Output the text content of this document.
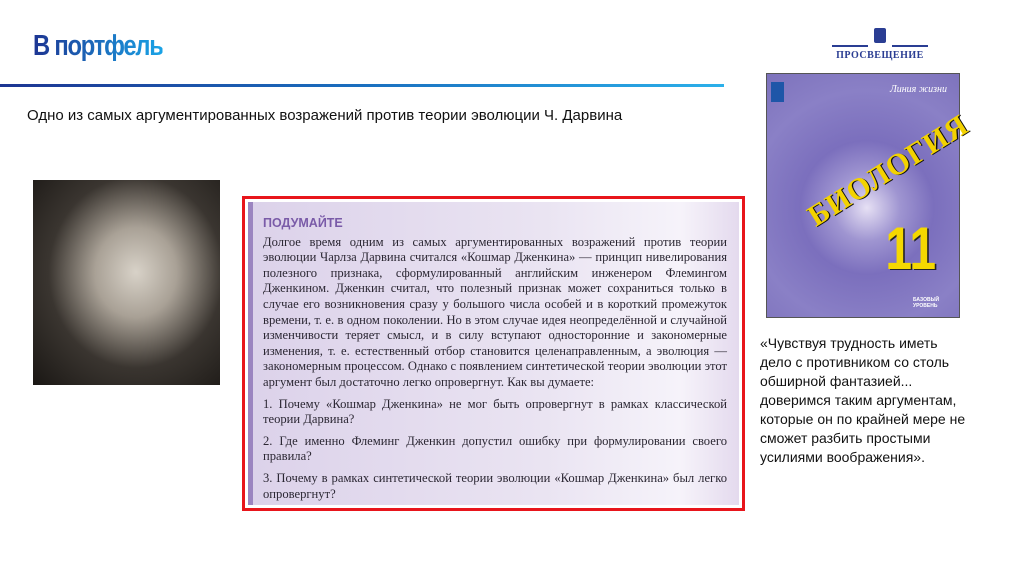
В портфель	ПРОСВЕЩЕНИЕ
Одно из самых аргументированных возражений против теории эволюции Ч. Дарвина
ПОДУМАЙТЕ

Долгое время одним из самых аргументированных возражений против теории эволюции Чарлза Дарвина считался «Кошмар Дженкина» — принцип нивелирования полезного признака, сформулированный английским инженером Флемингом Дженкином. Дженкин считал, что полезный признак может сохраниться только в случае его возникновения сразу у большого числа особей и в короткий промежуток времени, т. е. в одном поколении. Но в этом случае идея неопределённой и случайной изменчивости теряет смысл, и в силу вступают односторонние и закономерные изменения, т. е. естественный отбор становится целенаправленным, а эволюция — закономерным процессом. Однако с появлением синтетической теории эволюции этот аргумент был достаточно легко опровергнут. Как вы думаете:

1. Почему «Кошмар Дженкина» не мог быть опровергнут в рамках классической теории Дарвина?

2. Где именно Флеминг Дженкин допустил ошибку при формулировании своего правила?

3. Почему в рамках синтетической теории эволюции «Кошмар Дженкина» был легко опровергнут?

Линия жизни
БИОЛОГИЯ
11
БАЗОВЫЙ УРОВЕНЬ
«Чувствуя трудность иметь дело с противником со столь обширной фантазией... доверимся таким аргументам, которые он по крайней мере не сможет разбить простыми усилиями воображения».
